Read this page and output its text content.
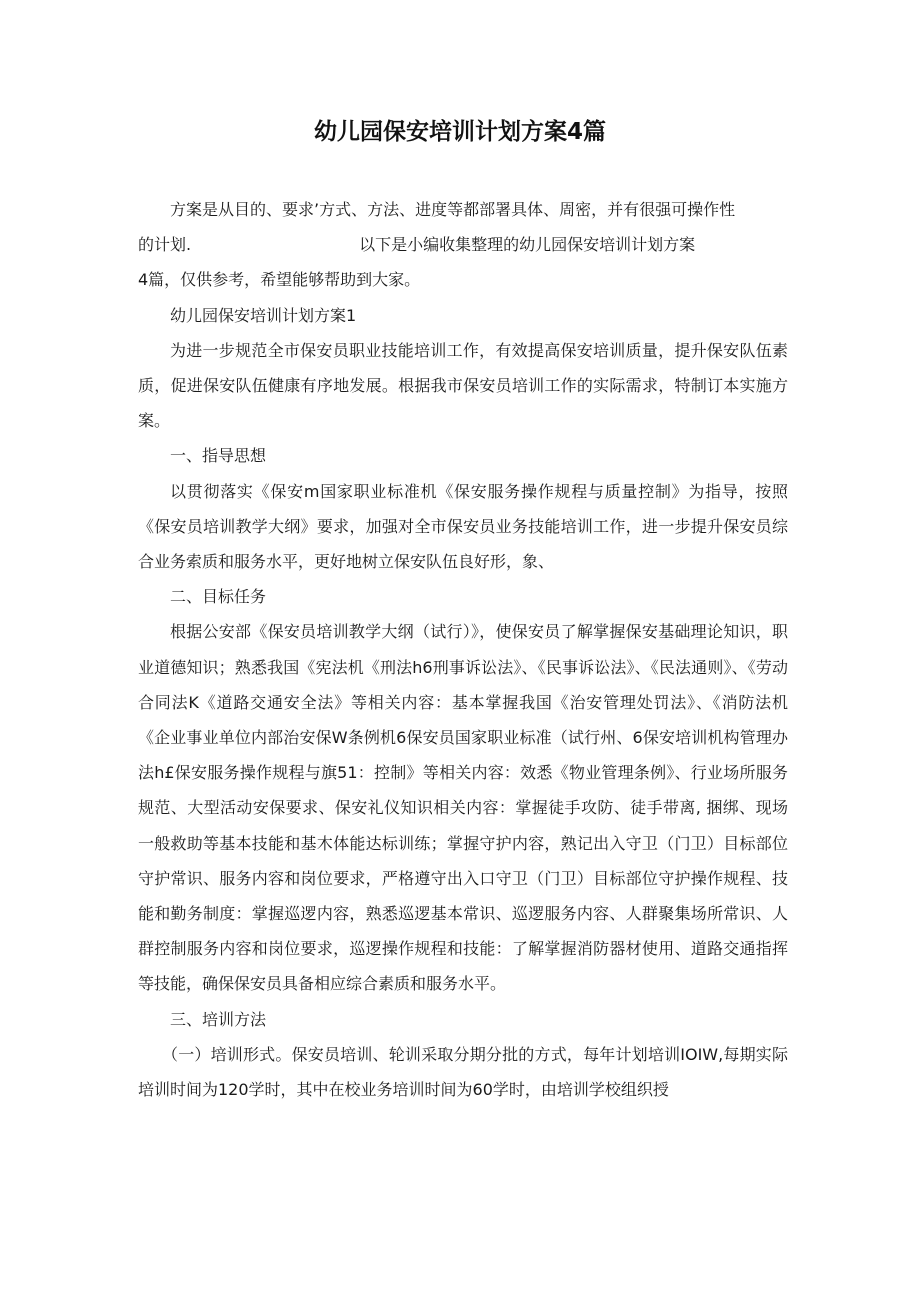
幼儿园保安培训计划方案4篇

方案是从目的、要求’方式、方法、进度等都部署具体、周密，并有很强可操作性

的计划.	以下是小编收集整理的幼儿园保安培训计划方案

4篇，仅供参考，希望能够帮助到大家。

幼儿园保安培训计划方案1

为进一步规范全市保安员职业技能培训工作，有效提高保安培训质量，提升保安队伍素质，促进保安队伍健康有序地发展。根据我市保安员培训工作的实际需求，特制订本实施方案。

一、指导思想

以贯彻落实《保安m国家职业标准机《保安服务操作规程与质量控制》为指导，按照《保安员培训教学大纲》要求，加强对全市保安员业务技能培训工作，进一步提升保安员综合业务索质和服务水平，更好地树立保安队伍良好形，象、

二、目标任务

根据公安部《保安员培训教学大纲（试行）》，使保安员了解掌握保安基础理论知识，职业道德知识；熟悉我国《宪法机《刑法h6刑事诉讼法》、《民事诉讼法》、《民法通则》、《劳动合同法K《道路交通安全法》等相关内容：基本掌握我国《治安管理处罚法》、《消防法机《企业事业单位内部治安保W条例机6保安员国家职业标准（试行州、6保安培训机构管理办法h£保安服务操作规程与旗51：控制》等相关内容：效悉《物业管理条例》、行业场所服务规范、大型活动安保要求、保安礼仪知识相关内容：掌握徒手攻防、徒手带离, 捆绑、现场一般救助等基本技能和基木体能达标训练；掌握守护内容，熟记出入守卫（门卫）目标部位守护常识、服务内容和岗位要求，严格遵守出入口守卫（门卫）目标部位守护操作规程、技能和勤务制度：掌握巡逻内容，熟悉巡逻基本常识、巡逻服务内容、人群聚集场所常识、人群控制服务内容和岗位要求，巡逻操作规程和技能：了解掌握消防器材使用、道路交通指挥等技能，确保保安员具备相应综合素质和服务水平。

三、培训方法

（一）培训形式。保安员培训、轮训采取分期分批的方式，每年计划培训IOIW,每期实际培训时间为120学时，其中在校业务培训时间为60学时，由培训学校组织授
